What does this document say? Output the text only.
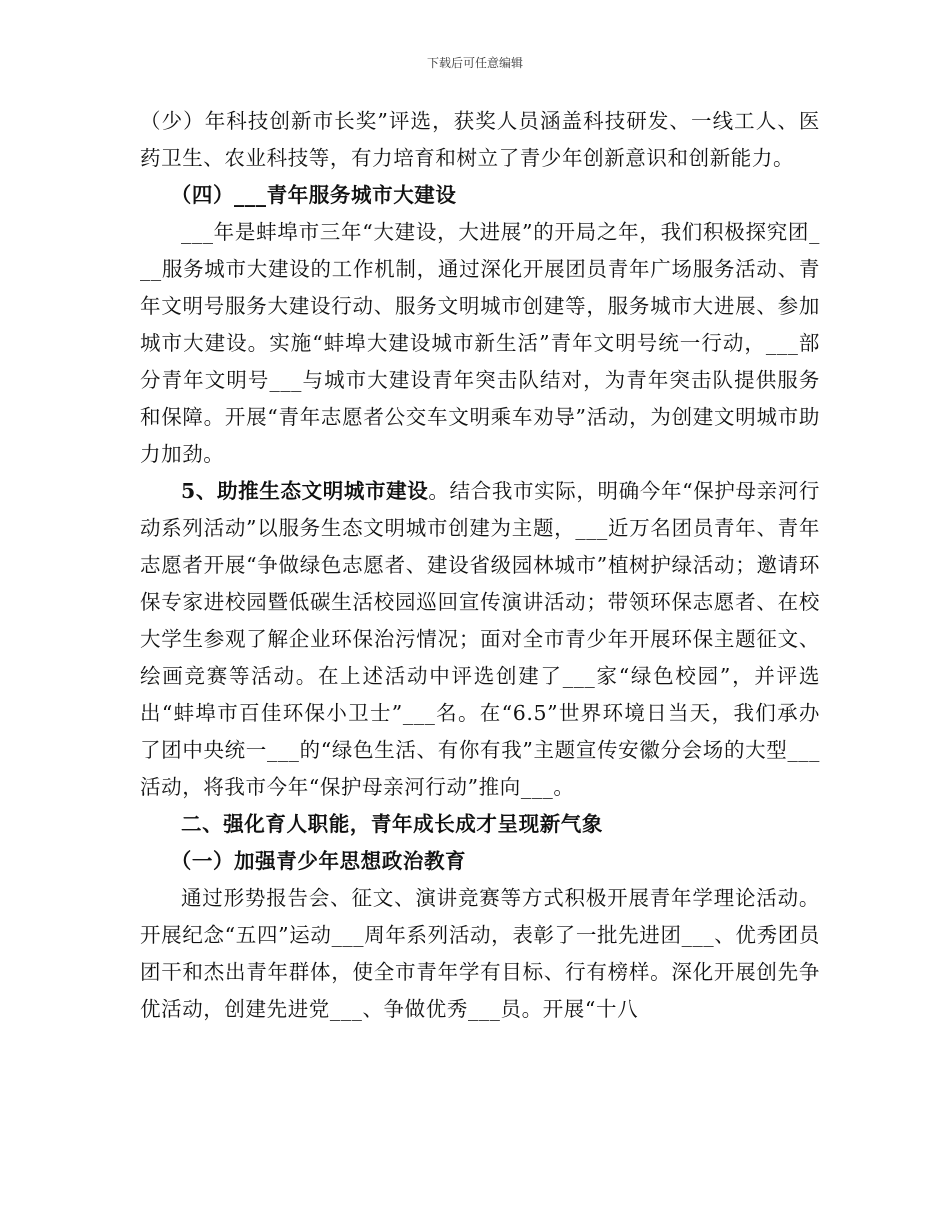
下载后可任意编辑

（少）年科技创新市长奖”评选，获奖人员涵盖科技研发、一线工人、医药卫生、农业科技等，有力培育和树立了青少年创新意识和创新能力。

（四）___青年服务城市大建设

___年是蚌埠市三年“大建设，大进展”的开局之年，我们积极探究团___服务城市大建设的工作机制，通过深化开展团员青年广场服务活动、青年文明号服务大建设行动、服务文明城市创建等，服务城市大进展、参加城市大建设。实施“蚌埠大建设城市新生活”青年文明号统一行动，___部分青年文明号___与城市大建设青年突击队结对，为青年突击队提供服务和保障。开展“青年志愿者公交车文明乘车劝导”活动，为创建文明城市助力加劲。

5、助推生态文明城市建设。结合我市实际，明确今年“保护母亲河行动系列活动”以服务生态文明城市创建为主题，___近万名团员青年、青年志愿者开展“争做绿色志愿者、建设省级园林城市”植树护绿活动；邀请环保专家进校园暨低碳生活校园巡回宣传演讲活动；带领环保志愿者、在校大学生参观了解企业环保治污情况；面对全市青少年开展环保主题征文、绘画竞赛等活动。在上述活动中评选创建了___家“绿色校园”，并评选出“蚌埠市百佳环保小卫士”___名。在“6.5”世界环境日当天，我们承办了团中央统一___的“绿色生活、有你有我”主题宣传安徽分会场的大型___活动，将我市今年“保护母亲河行动”推向___。

二、强化育人职能，青年成长成才呈现新气象

（一）加强青少年思想政治教育

通过形势报告会、征文、演讲竞赛等方式积极开展青年学理论活动。开展纪念“五四”运动___周年系列活动，表彰了一批先进团___、优秀团员团干和杰出青年群体，使全市青年学有目标、行有榜样。深化开展创先争优活动，创建先进党___、争做优秀___员。开展“十八
